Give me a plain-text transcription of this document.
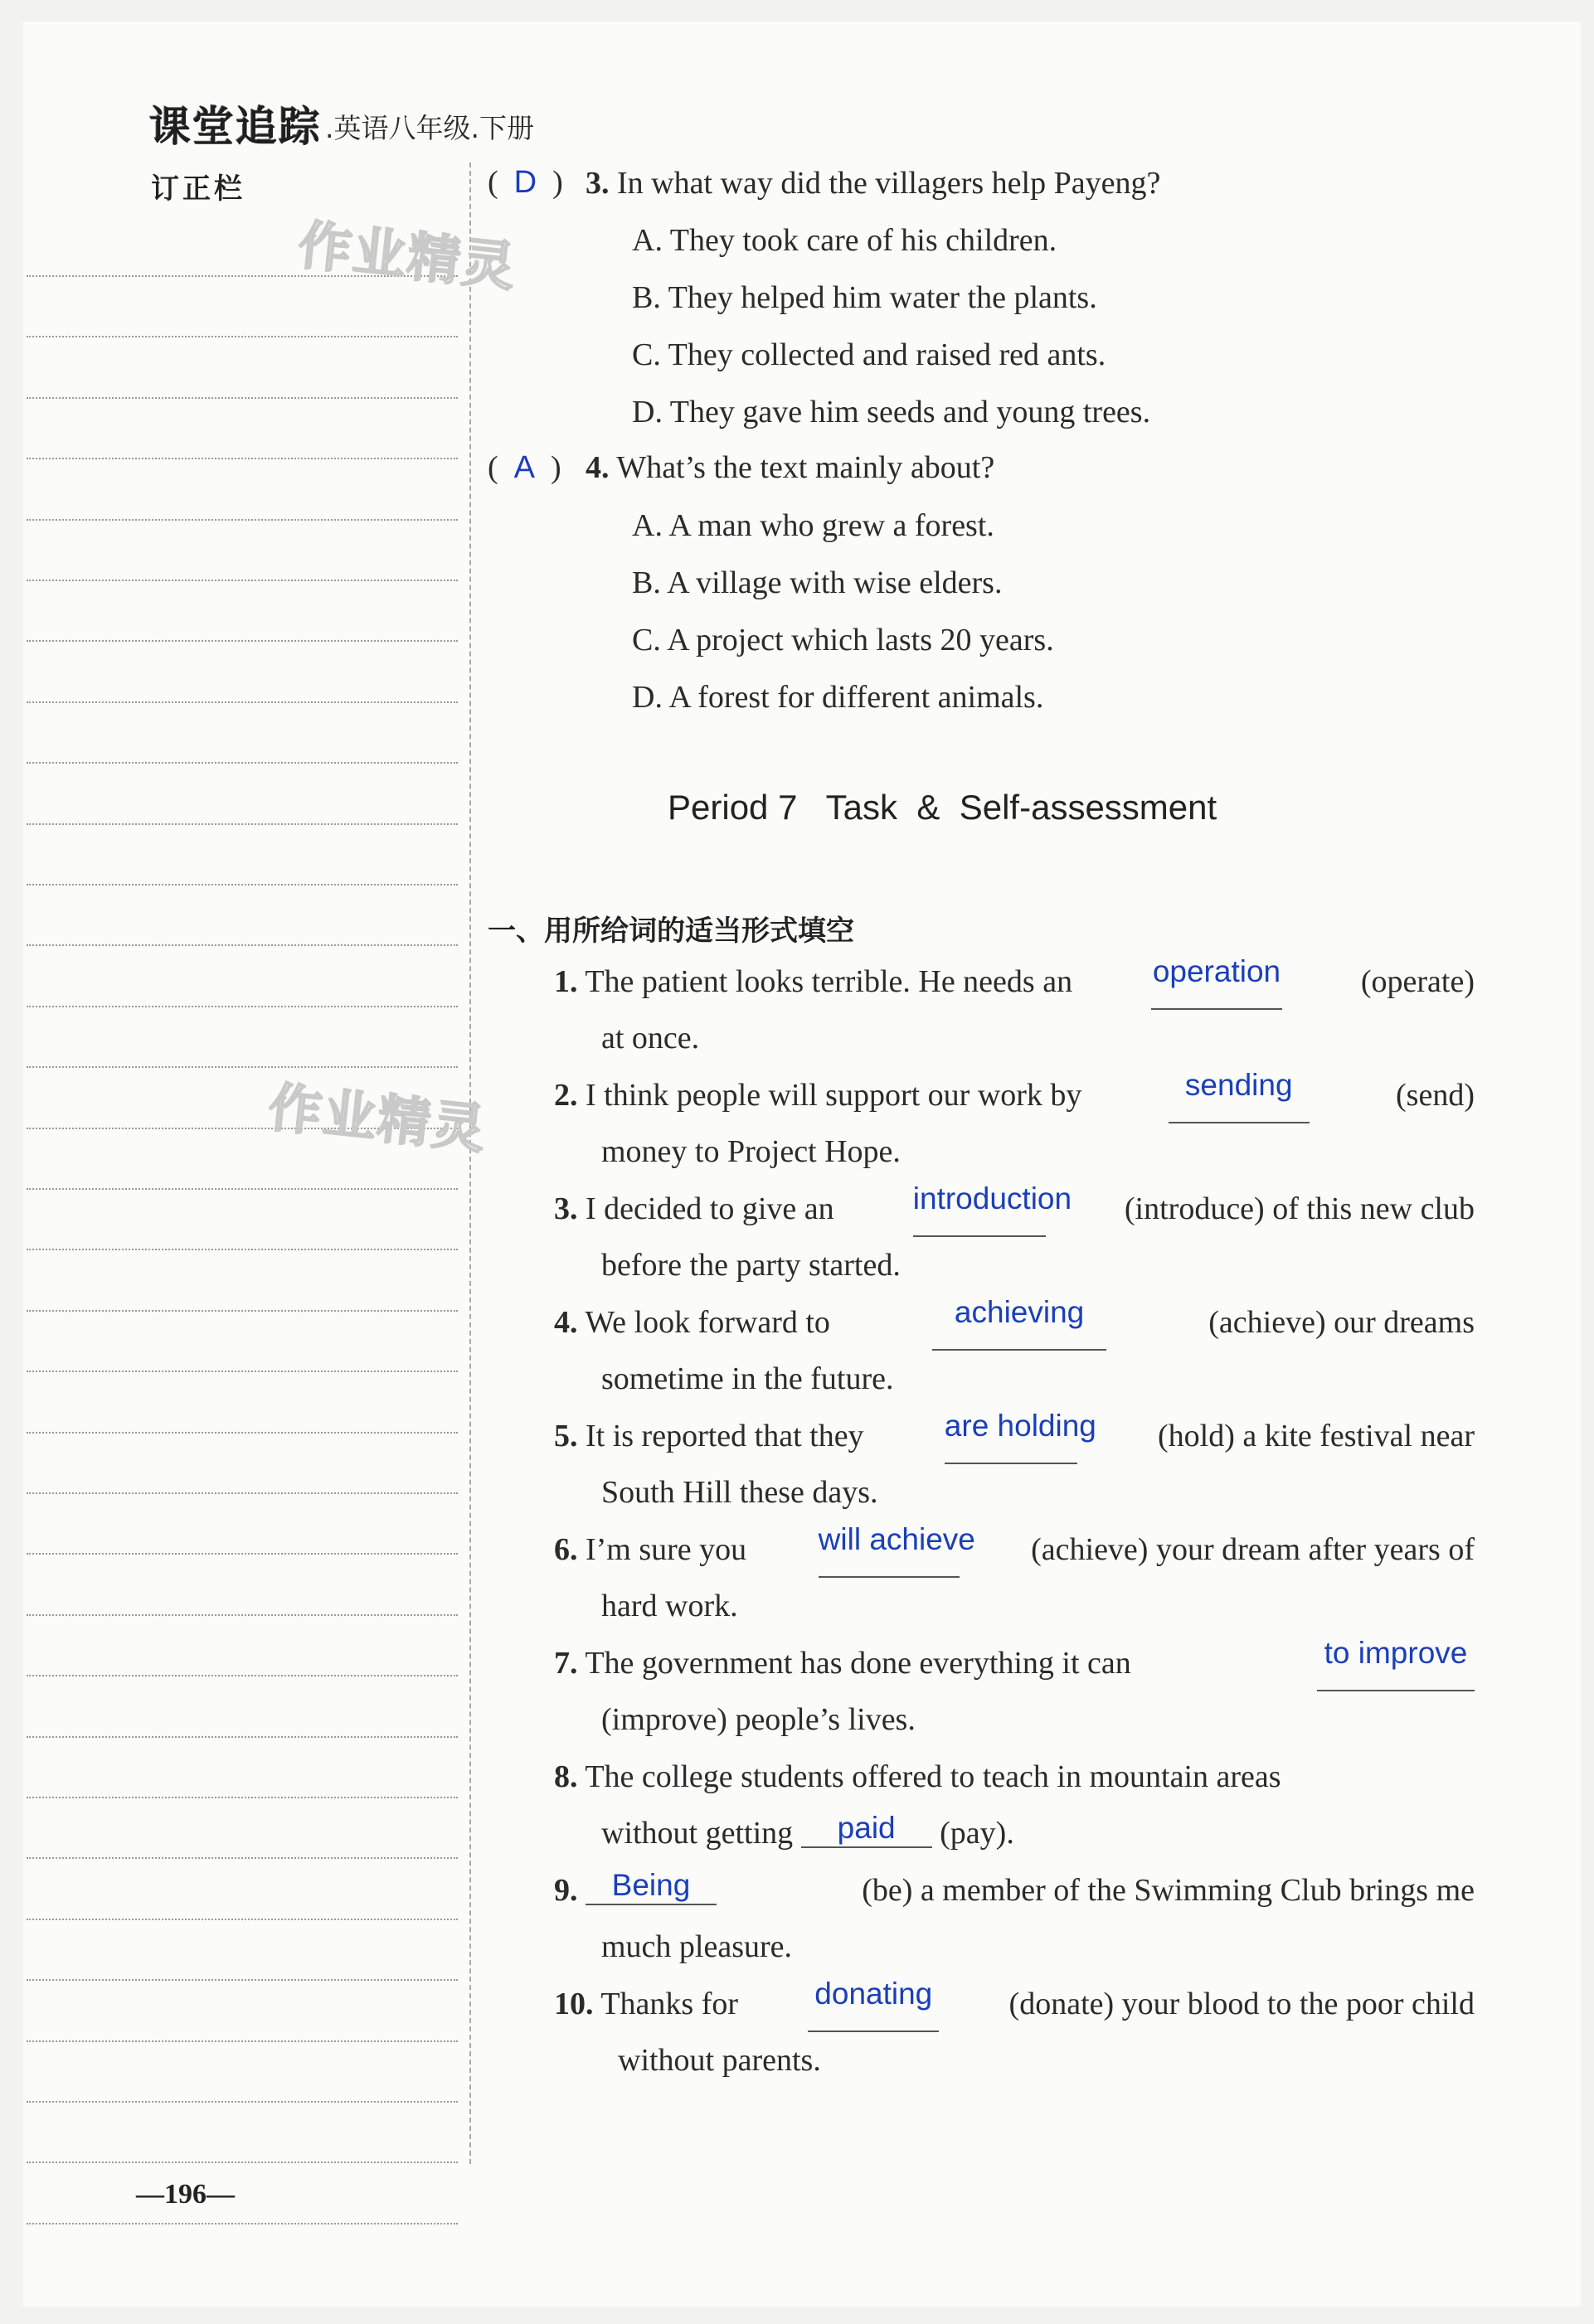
课堂追踪 .英语八年级.下册
订正栏
作业精灵
作业精灵
(  D  ) 3. In what way did the villagers help Payeng?
A. They took care of his children.
B. They helped him water the plants.
C. They collected and raised red ants.
D. They gave him seeds and young trees.
(  A  ) 4. What’s the text mainly about?
A. A man who grew a forest.
B. A village with wise elders.
C. A project which lasts 20 years.
D. A forest for different animals.
Period 7   Task  &  Self-assessment
一、用所给词的适当形式填空
1. The patient looks terrible. He needs an	operation	(operate)
at once.
2. I think people will support our work by	sending	(send)
money to Project Hope.
3. I decided to give an	introduction (introduce) of this new club
before the party started.
4. We look forward to	achieving	(achieve) our dreams
sometime in the future.
5. It is reported that they	are holding (hold) a kite festival near
South Hill these days.
6. I’m sure you will achieve (achieve) your dream after years of
hard work.
7. The government has done everything it can	to improve
(improve) people’s lives.
8. The college students offered to teach in mountain areas
without getting paid (pay).
9. Being	(be) a member of the Swimming Club brings me
much pleasure.
10. Thanks for donating (donate) your blood to the poor child
without parents.
—196—
